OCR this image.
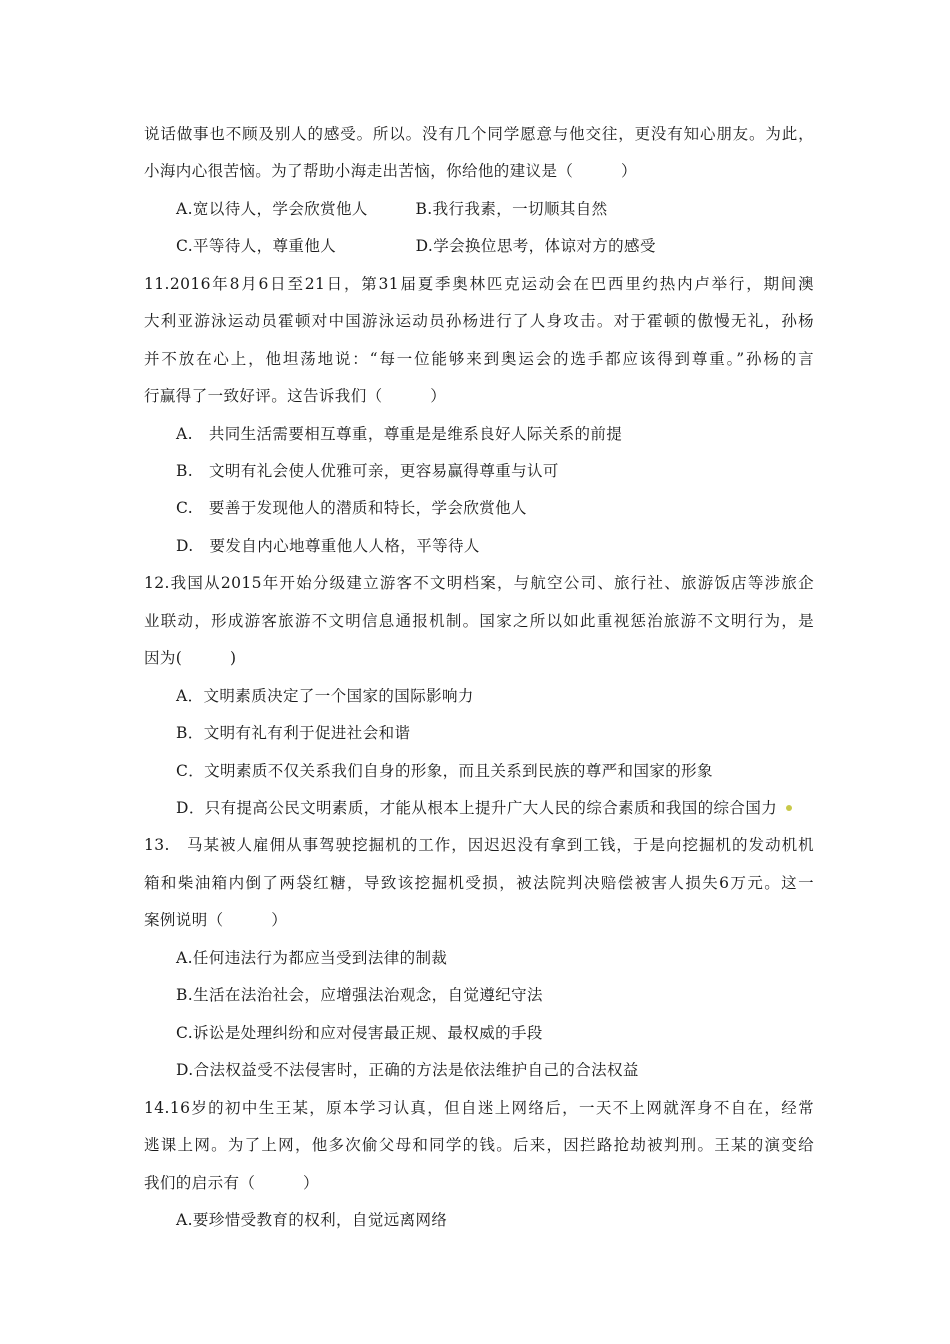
说话做事也不顾及别人的感受。所以。没有几个同学愿意与他交往，更没有知心朋友。为此，
小海内心很苦恼。为了帮助小海走出苦恼，你给他的建议是（　　　）
A.宽以待人，学会欣赏他人　　　B.我行我素，一切顺其自然
C.平等待人，尊重他人　　　　　D.学会换位思考，体谅对方的感受
11.2016年8月6日至21日，第31届夏季奥林匹克运动会在巴西里约热内卢举行，期间澳
大利亚游泳运动员霍顿对中国游泳运动员孙杨进行了人身攻击。对于霍顿的傲慢无礼，孙杨
并不放在心上，他坦荡地说：“每一位能够来到奥运会的选手都应该得到尊重。”孙杨的言
行赢得了一致好评。这告诉我们（　　　）
A.　共同生活需要相互尊重，尊重是是维系良好人际关系的前提
B.　文明有礼会使人优雅可亲，更容易赢得尊重与认可
C.　要善于发现他人的潜质和特长，学会欣赏他人
D.　要发自内心地尊重他人人格，平等待人
12.我国从2015年开始分级建立游客不文明档案，与航空公司、旅行社、旅游饭店等涉旅企
业联动，形成游客旅游不文明信息通报机制。国家之所以如此重视惩治旅游不文明行为，是
因为(　　　)
A．文明素质决定了一个国家的国际影响力
B．文明有礼有利于促进社会和谐
C．文明素质不仅关系我们自身的形象，而且关系到民族的尊严和国家的形象
D．只有提高公民文明素质，才能从根本上提升广大人民的综合素质和我国的综合国力
13.　马某被人雇佣从事驾驶挖掘机的工作，因迟迟没有拿到工钱，于是向挖掘机的发动机机
箱和柴油箱内倒了两袋红糖，导致该挖掘机受损，被法院判决赔偿被害人损失6万元。这一
案例说明（　　　）
A.任何违法行为都应当受到法律的制裁
B.生活在法治社会，应增强法治观念，自觉遵纪守法
C.诉讼是处理纠纷和应对侵害最正规、最权威的手段
D.合法权益受不法侵害时，正确的方法是依法维护自己的合法权益
14.16岁的初中生王某，原本学习认真，但自迷上网络后，一天不上网就浑身不自在，经常
逃课上网。为了上网，他多次偷父母和同学的钱。后来，因拦路抢劫被判刑。王某的演变给
我们的启示有（　　　）
A.要珍惜受教育的权利，自觉远离网络
